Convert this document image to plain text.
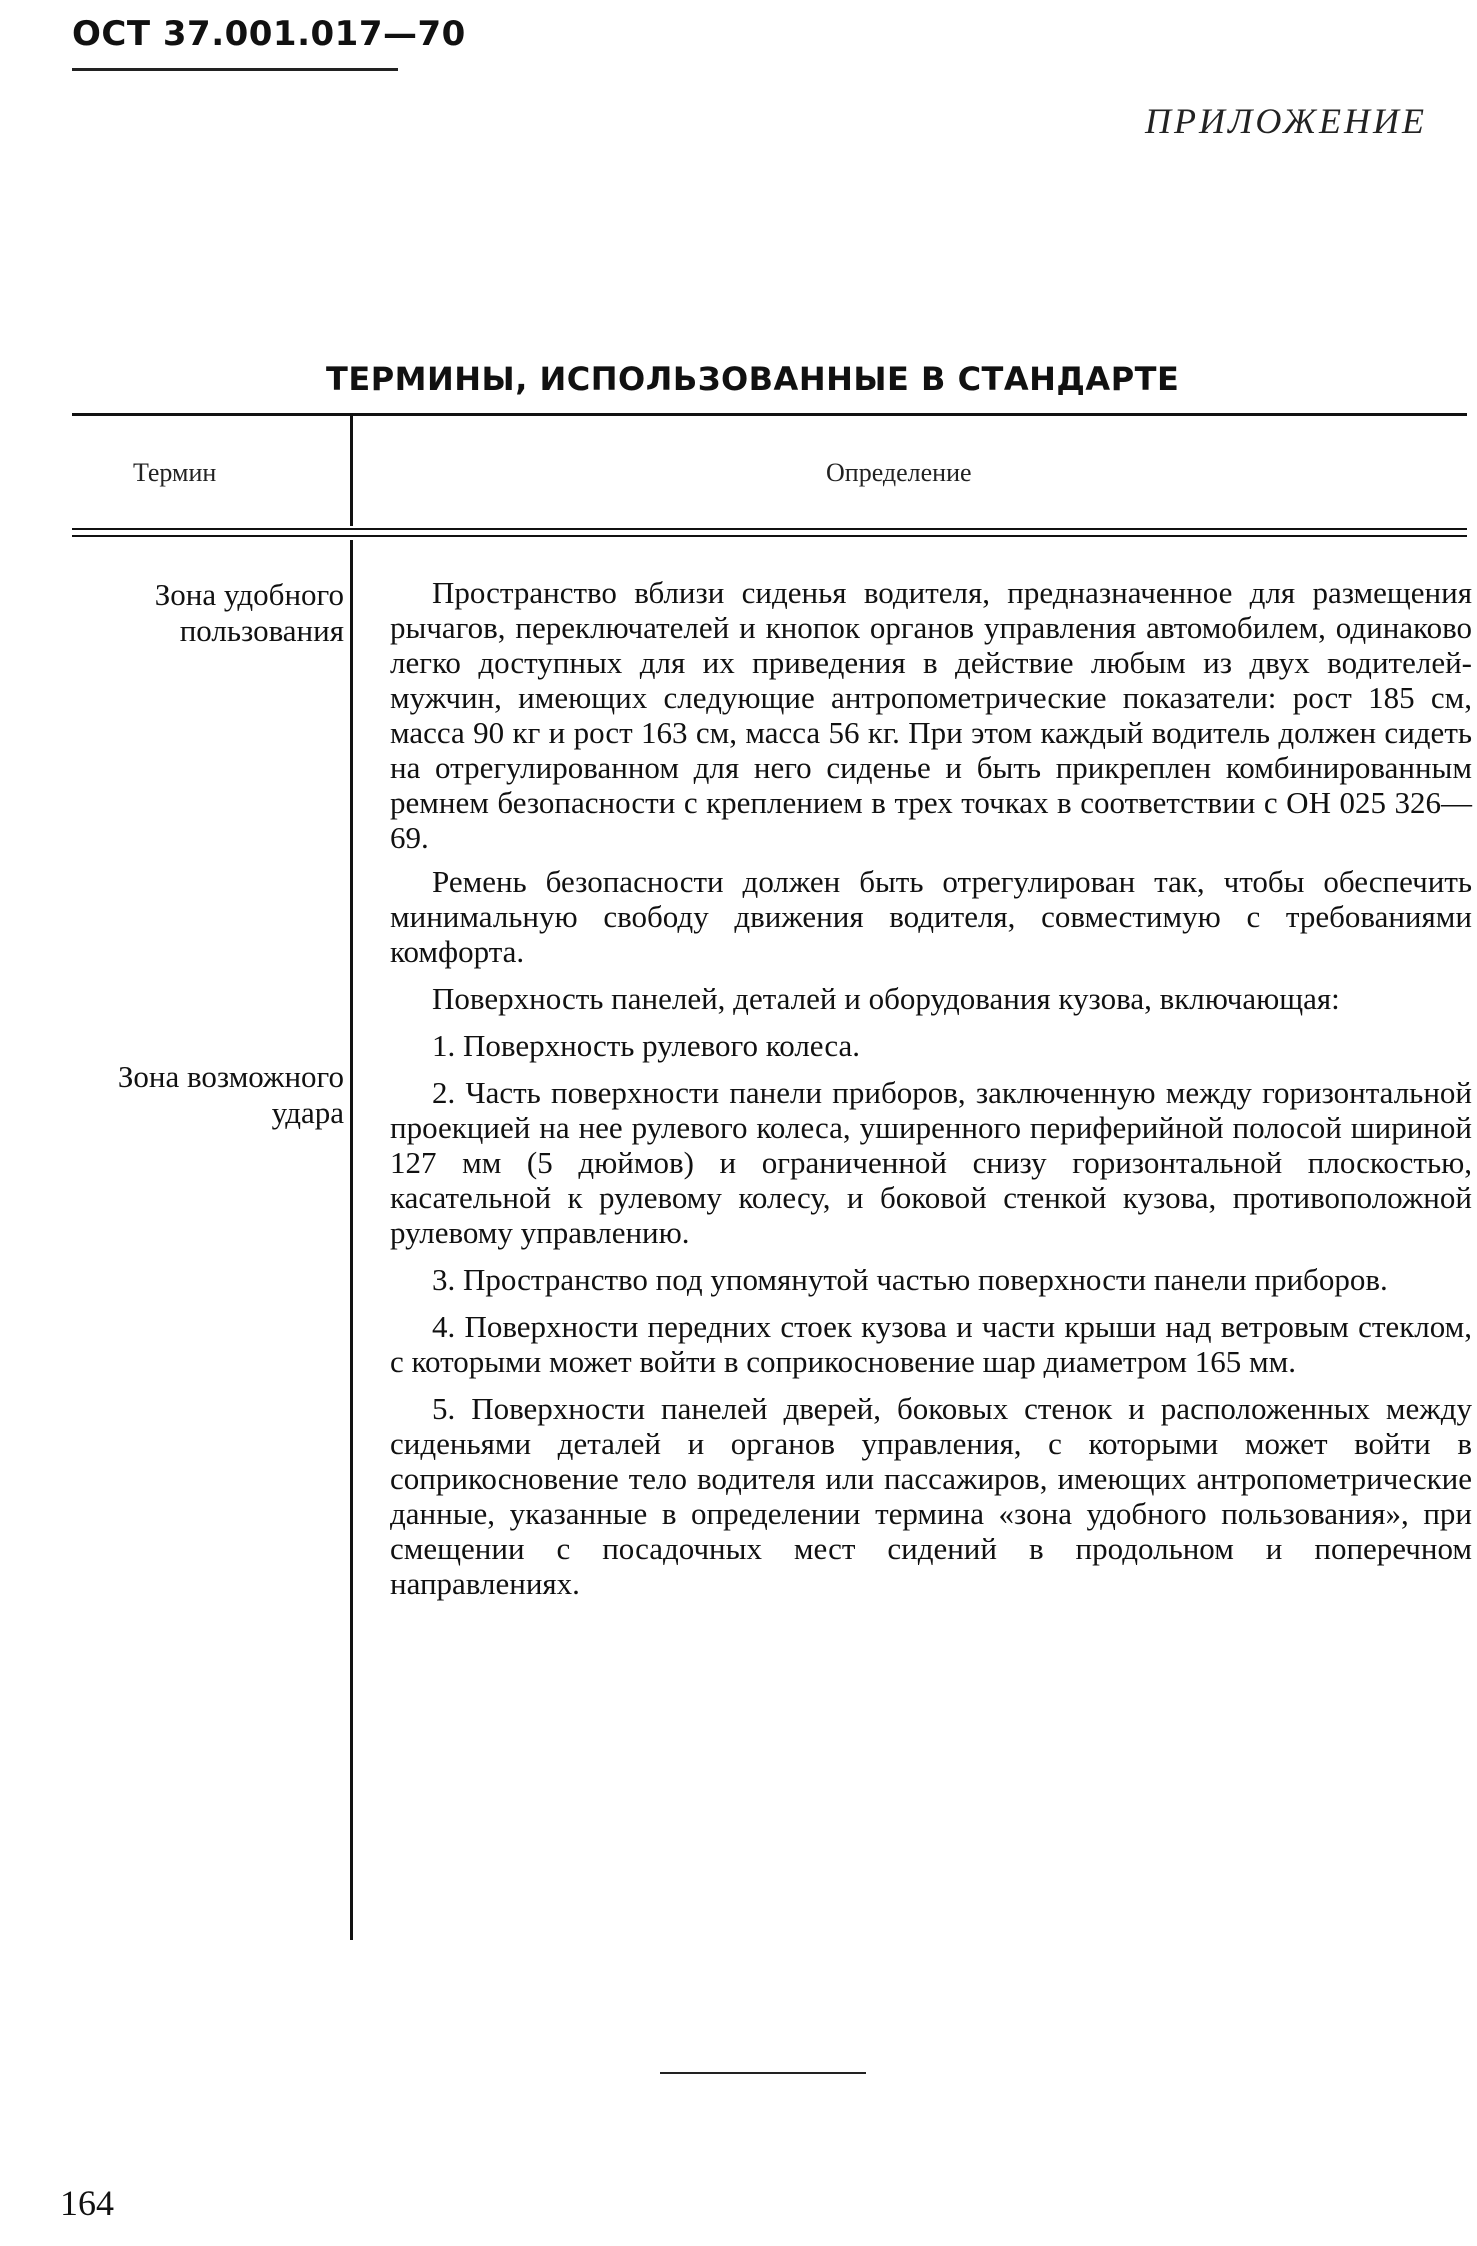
ОСТ 37.001.017—70
ПРИЛОЖЕНИЕ
ТЕРМИНЫ, ИСПОЛЬЗОВАННЫЕ В СТАНДАРТЕ
Термин	Определение
Зона удобного пользования
Зона возможного удара

Пространство вблизи сиденья водителя, предназначенное для размещения рычагов, переключателей и кнопок органов управления автомобилем, одинаково легко доступных для их приведения в действие любым из двух водителей-мужчин, имеющих следующие антропометрические показатели: рост 185 см, масса 90 кг и рост 163 см, масса 56 кг. При этом каждый водитель должен сидеть на отрегулированном для него сиденье и быть прикреплен комбинированным ремнем безопасности с креплением в трех точках в соответствии с ОН 025 326—69.

Ремень безопасности должен быть отрегулирован так, чтобы обеспечить минимальную свободу движения водителя, совместимую с требованиями комфорта.

Поверхность панелей, деталей и оборудования кузова, включающая:

1. Поверхность рулевого колеса.

2. Часть поверхности панели приборов, заключенную между горизонтальной проекцией на нее рулевого колеса, уширенного периферийной полосой шириной 127 мм (5 дюймов) и ограниченной снизу горизонтальной плоскостью, касательной к рулевому колесу, и боковой стенкой кузова, противоположной рулевому управлению.

3. Пространство под упомянутой частью поверхности панели приборов.

4. Поверхности передних стоек кузова и части крыши над ветровым стеклом, с которыми может войти в соприкосновение шар диаметром 165 мм.

5. Поверхности панелей дверей, боковых стенок и расположенных между сиденьями деталей и органов управления, с которыми может войти в соприкосновение тело водителя или пассажиров, имеющих антропометрические данные, указанные в определении термина «зона удобного пользования», при смещении с посадочных мест сидений в продольном и поперечном направлениях.

164
